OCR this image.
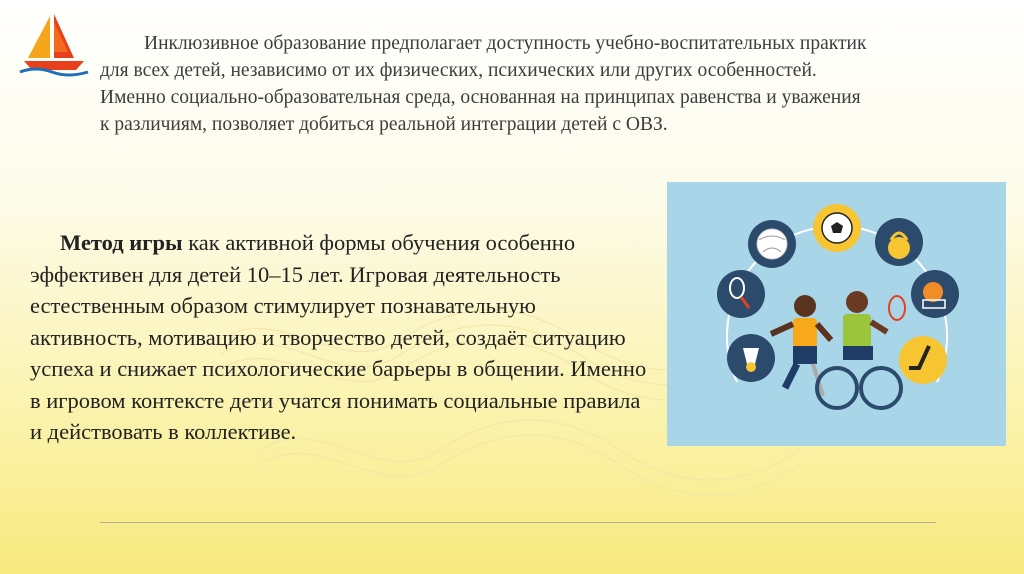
Инклюзивное образование предполагает доступность учебно-воспитательных практик для всех детей, независимо от их физических, психических или других особенностей.

Именно социально-образовательная среда, основанная на принципах равенства и уважения к различиям, позволяет добиться реальной интеграции детей с ОВЗ.

Метод игры как активной формы обучения особенно эффективен для детей 10–15 лет. Игровая деятельность естественным образом стимулирует познавательную активность, мотивацию и творчество детей, создаёт ситуацию успеха и снижает психологические барьеры в общении. Именно в игровом контексте дети учатся понимать социальные правила и действовать в коллективе.
